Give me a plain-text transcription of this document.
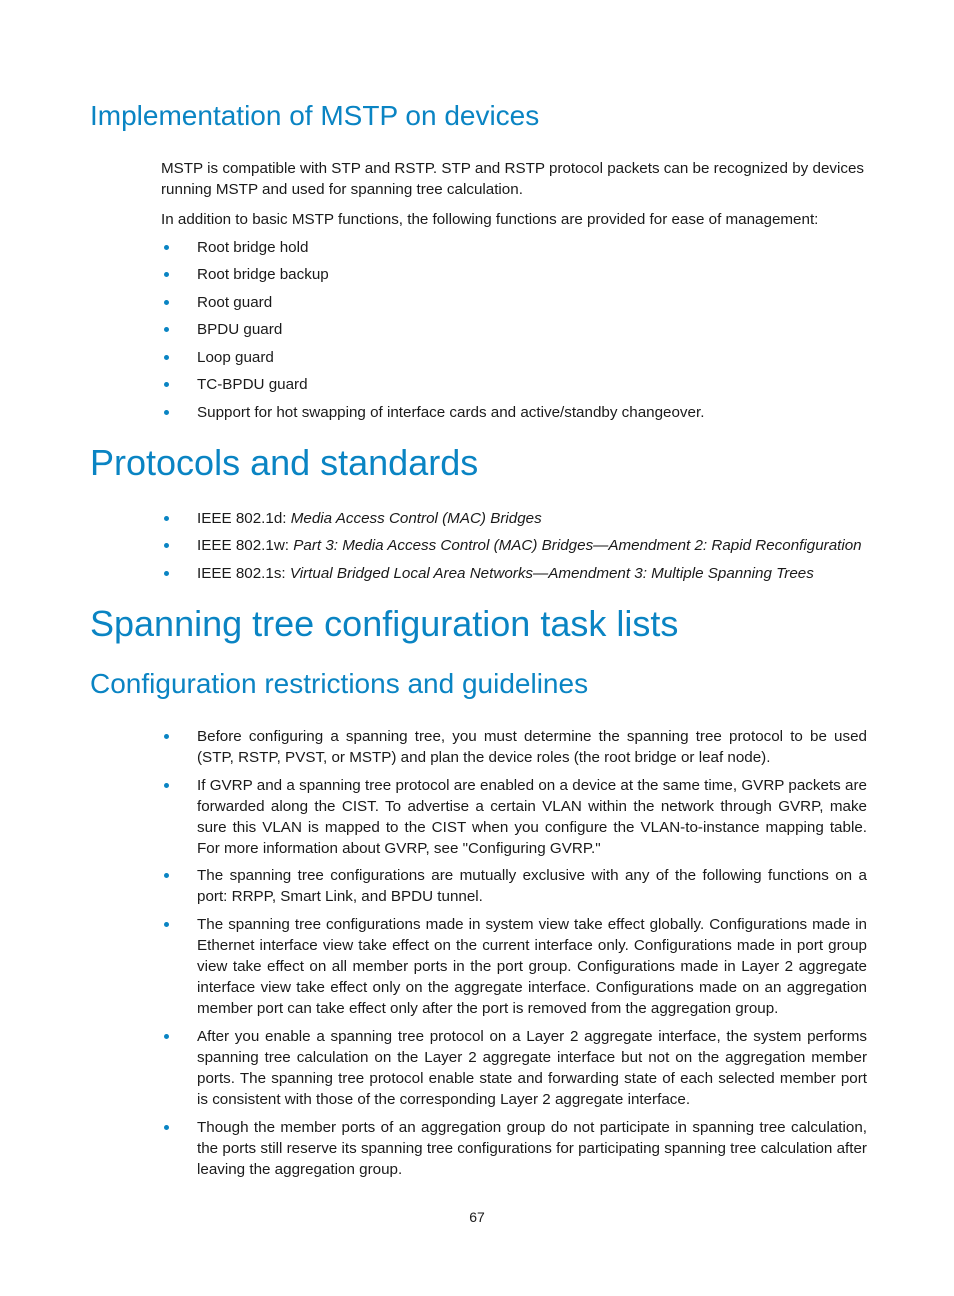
Implementation of MSTP on devices

MSTP is compatible with STP and RSTP. STP and RSTP protocol packets can be recognized by devices running MSTP and used for spanning tree calculation.

In addition to basic MSTP functions, the following functions are provided for ease of management:

Root bridge hold
Root bridge backup
Root guard
BPDU guard
Loop guard
TC-BPDU guard
Support for hot swapping of interface cards and active/standby changeover.
Protocols and standards
IEEE 802.1d: Media Access Control (MAC) Bridges
IEEE 802.1w: Part 3: Media Access Control (MAC) Bridges—Amendment 2: Rapid Reconfiguration
IEEE 802.1s: Virtual Bridged Local Area Networks—Amendment 3: Multiple Spanning Trees
Spanning tree configuration task lists
Configuration restrictions and guidelines
Before configuring a spanning tree, you must determine the spanning tree protocol to be used (STP, RSTP, PVST, or MSTP) and plan the device roles (the root bridge or leaf node).
If GVRP and a spanning tree protocol are enabled on a device at the same time, GVRP packets are forwarded along the CIST. To advertise a certain VLAN within the network through GVRP, make sure this VLAN is mapped to the CIST when you configure the VLAN-to-instance mapping table. For more information about GVRP, see "Configuring GVRP."
The spanning tree configurations are mutually exclusive with any of the following functions on a port: RRPP, Smart Link, and BPDU tunnel.
The spanning tree configurations made in system view take effect globally. Configurations made in Ethernet interface view take effect on the current interface only. Configurations made in port group view take effect on all member ports in the port group. Configurations made in Layer 2 aggregate interface view take effect only on the aggregate interface. Configurations made on an aggregation member port can take effect only after the port is removed from the aggregation group.
After you enable a spanning tree protocol on a Layer 2 aggregate interface, the system performs spanning tree calculation on the Layer 2 aggregate interface but not on the aggregation member ports. The spanning tree protocol enable state and forwarding state of each selected member port is consistent with those of the corresponding Layer 2 aggregate interface.
Though the member ports of an aggregation group do not participate in spanning tree calculation, the ports still reserve its spanning tree configurations for participating spanning tree calculation after leaving the aggregation group.
67
